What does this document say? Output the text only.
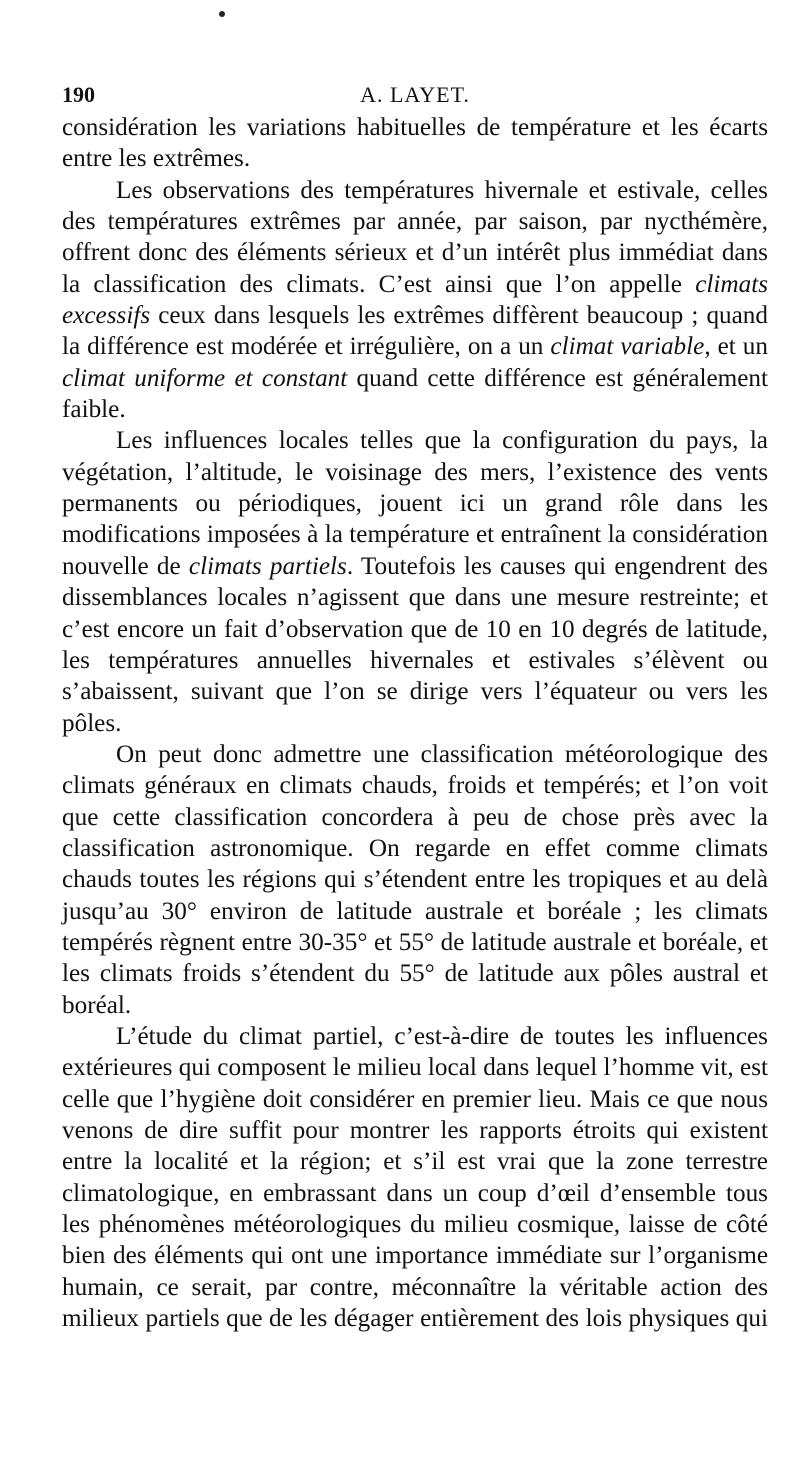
190	A. LAYET.

considération les variations habituelles de température et les écarts entre les extrêmes.

Les observations des températures hivernale et estivale, celles des températures extrêmes par année, par saison, par nycthémère, offrent donc des éléments sérieux et d’un intérêt plus immédiat dans la classification des climats. C’est ainsi que l’on appelle climats excessifs ceux dans lesquels les extrêmes diffèrent beaucoup ; quand la différence est modérée et irrégulière, on a un climat variable, et un climat uniforme et constant quand cette différence est généralement faible.

Les influences locales telles que la configuration du pays, la végétation, l’altitude, le voisinage des mers, l’existence des vents permanents ou périodiques, jouent ici un grand rôle dans les modifications imposées à la température et entraînent la considération nouvelle de climats partiels. Toutefois les causes qui engendrent des dissemblances locales n’agissent que dans une mesure restreinte; et c’est encore un fait d’observation que de 10 en 10 degrés de latitude, les températures annuelles hivernales et estivales s’élèvent ou s’abaissent, suivant que l’on se dirige vers l’équateur ou vers les pôles.

On peut donc admettre une classification météorologique des climats généraux en climats chauds, froids et tempérés; et l’on voit que cette classification concordera à peu de chose près avec la classification astronomique. On regarde en effet comme climats chauds toutes les régions qui s’étendent entre les tropiques et au delà jusqu’au 30° environ de latitude australe et boréale ; les climats tempérés règnent entre 30-35° et 55° de latitude australe et boréale, et les climats froids s’étendent du 55° de latitude aux pôles austral et boréal.

L’étude du climat partiel, c’est-à-dire de toutes les influences extérieures qui composent le milieu local dans lequel l’homme vit, est celle que l’hygiène doit considérer en premier lieu. Mais ce que nous venons de dire suffit pour montrer les rapports étroits qui existent entre la localité et la région; et s’il est vrai que la zone terrestre climatologique, en embrassant dans un coup d’œil d’ensemble tous les phénomènes météorologiques du milieu cosmique, laisse de côté bien des éléments qui ont une importance immédiate sur l’organisme humain, ce serait, par contre, méconnaître la véritable action des milieux partiels que de les dégager entièrement des lois physiques qui
